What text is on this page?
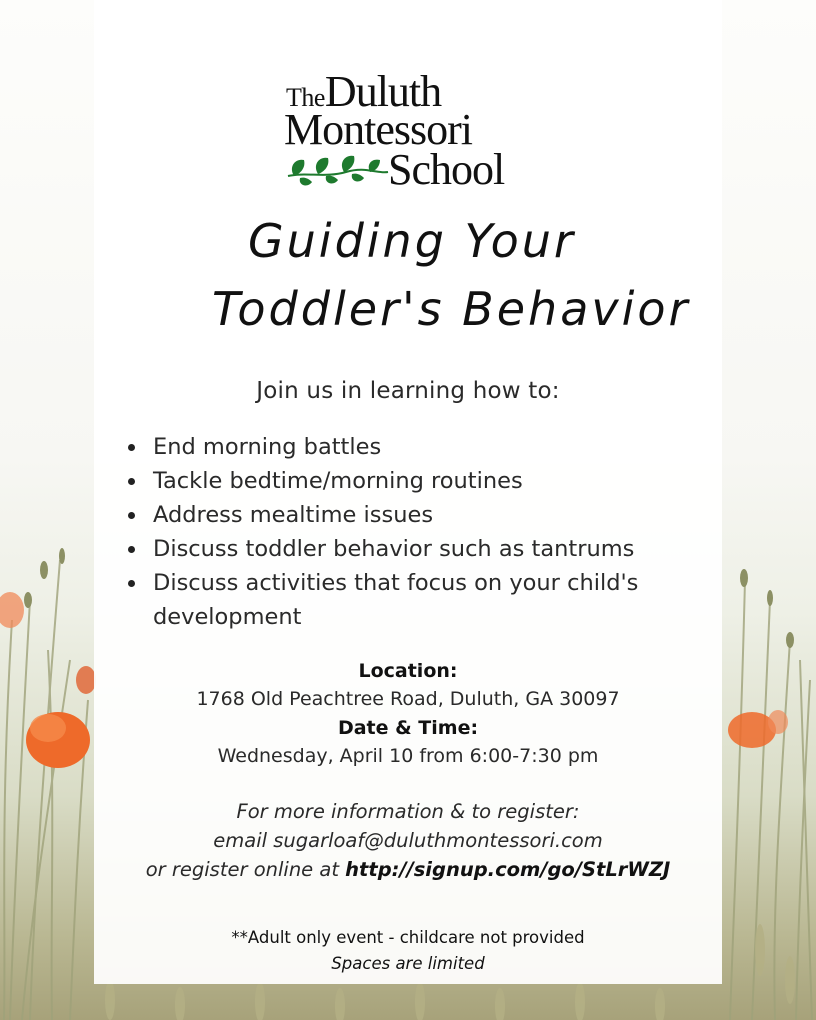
TheDuluth
Montessori
School
Guiding Your
Toddler's Behavior
Join us in learning how to:
End morning battles
Tackle bedtime/morning routines
Address mealtime issues
Discuss toddler behavior such as tantrums
Discuss activities that focus on your child's development
Location:
1768 Old Peachtree Road, Duluth, GA 30097
Date & Time:
Wednesday, April 10 from 6:00-7:30 pm
For more information & to register:
email sugarloaf@duluthmontessori.com
or register online at http://signup.com/go/StLrWZJ
**Adult only event - childcare not provided
Spaces are limited
